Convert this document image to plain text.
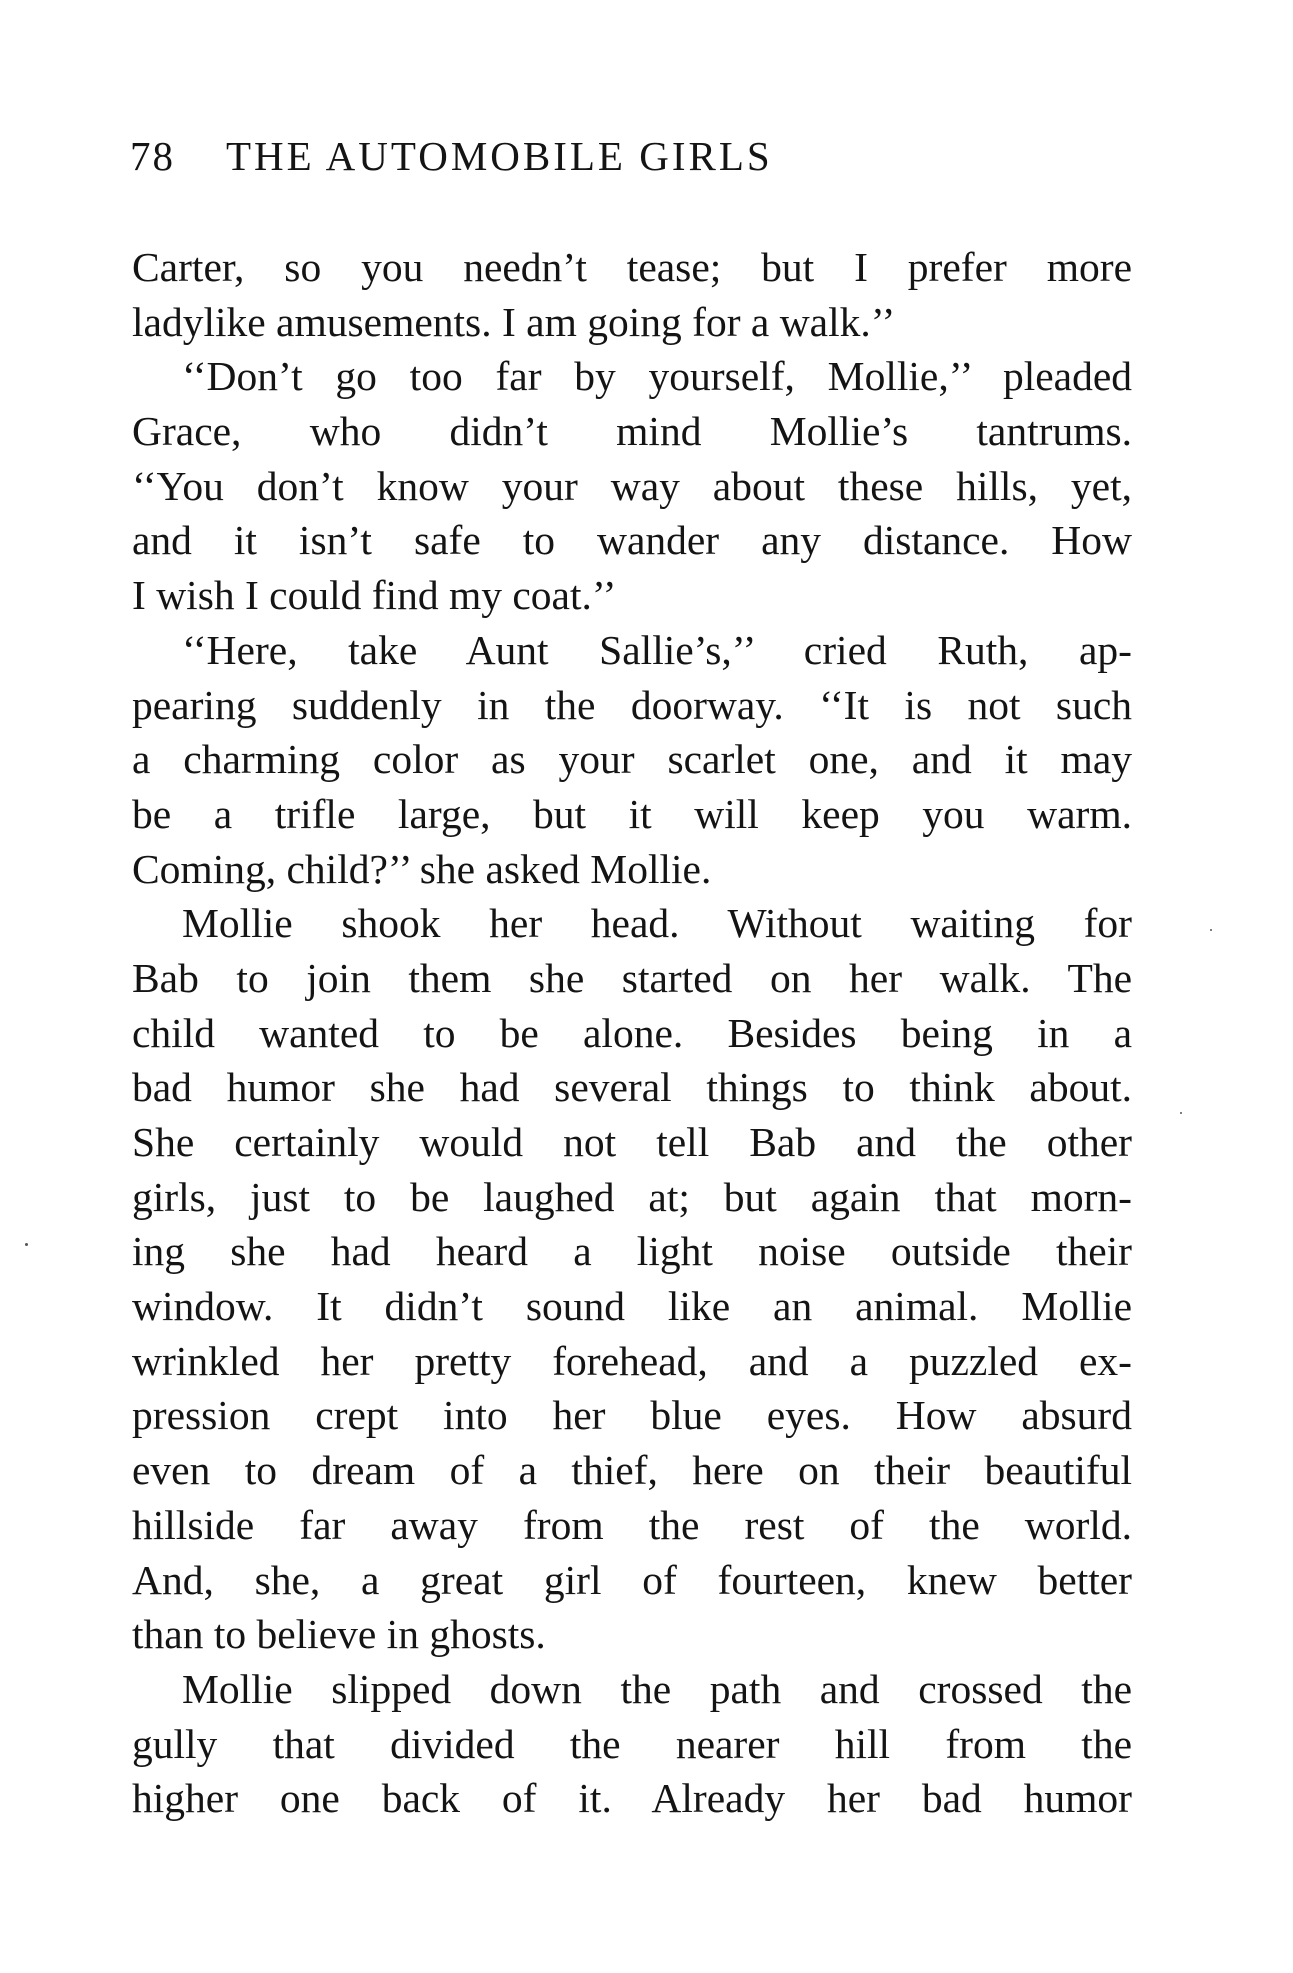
78 THE AUTOMOBILE GIRLS
Carter, so you needn’t tease; but I prefer more
ladylike amusements. I am going for a walk.’’
‘‘Don’t go too far by yourself, Mollie,’’ pleaded
Grace, who didn’t mind Mollie’s tantrums.
‘‘You don’t know your way about these hills, yet,
and it isn’t safe to wander any distance. How
I wish I could find my coat.’’
‘‘Here, take Aunt Sallie’s,’’ cried Ruth, ap-
pearing suddenly in the doorway. ‘‘It is not such
a charming color as your scarlet one, and it may
be a trifle large, but it will keep you warm.
Coming, child?’’ she asked Mollie.
Mollie shook her head. Without waiting for
Bab to join them she started on her walk. The
child wanted to be alone. Besides being in a
bad humor she had several things to think about.
She certainly would not tell Bab and the other
girls, just to be laughed at; but again that morn-
ing she had heard a light noise outside their
window. It didn’t sound like an animal. Mollie
wrinkled her pretty forehead, and a puzzled ex-
pression crept into her blue eyes. How absurd
even to dream of a thief, here on their beautiful
hillside far away from the rest of the world.
And, she, a great girl of fourteen, knew better
than to believe in ghosts.
Mollie slipped down the path and crossed the
gully that divided the nearer hill from the
higher one back of it. Already her bad humor
